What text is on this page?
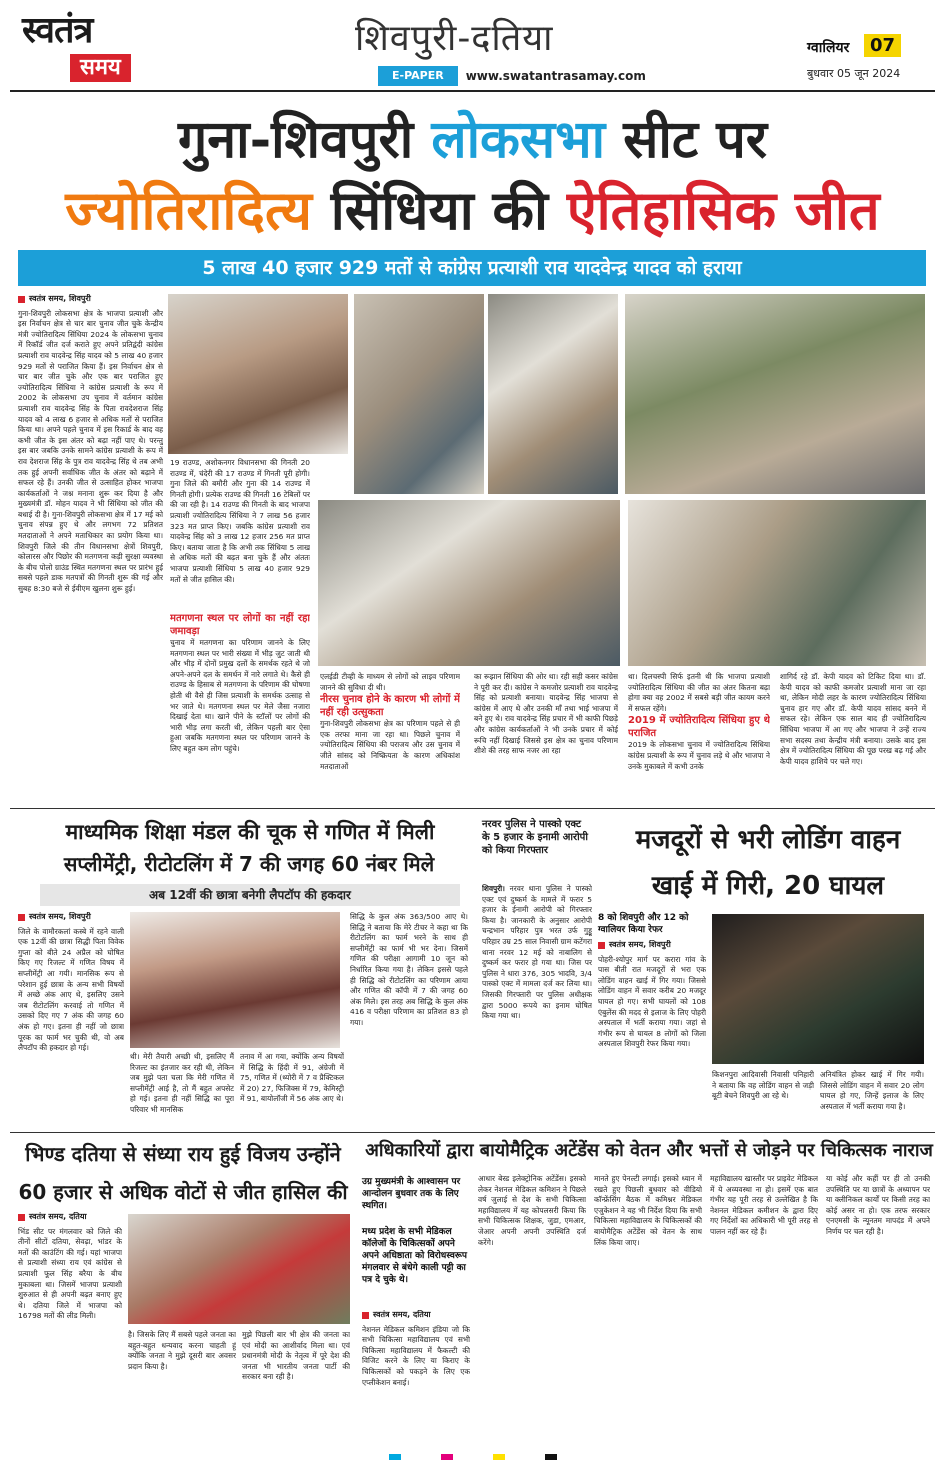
स्वतंत्र
समय
शिवपुरी-दतिया
E-PAPER	www.swatantrasamay.com
ग्वालियर	07
बुधवार 05 जून 2024
गुना-शिवपुरी लोकसभा सीट पर
ज्योतिरादित्य सिंधिया की ऐतिहासिक जीत
5 लाख 40 हजार 929 मतों से कांग्रेस प्रत्याशी राव यादवेन्द्र यादव को हराया
स्वतंत्र समय, शिवपुरी
गुना-शिवपुरी लोकसभा क्षेत्र के भाजपा प्रत्याशी और इस निर्वाचन क्षेत्र से चार बार चुनाव जीत चुके केन्द्रीय मंत्री ज्योतिरादित्य सिंधिया 2024 के लोकसभा चुनाव में रिकॉर्ड जीत दर्ज कराते हुए अपने प्रतिद्वंदी कांग्रेस प्रत्याशी राव यादवेन्द्र सिंह यादव को 5 लाख 40 हजार 929 मतों से पराजित किया हैं। इस निर्वाचन क्षेत्र से चार बार जीत चुके और एक बार पराजित हुए ज्योतिरादित्य सिंधिया ने कांग्रेस प्रत्याशी के रूप में 2002 के लोकसभा उप चुनाव में वर्तमान कांग्रेस प्रत्याशी राव यादवेन्द्र सिंह के पिता रावदेशराज सिंह यादव को 4 लाख 6 हजार से अधिक मतों से पराजित किया था। अपने पहले चुनाव में इस रिकार्ड के बाद वह कभी जीत के इस अंतर को बढ़ा नहीं पाए थे। परन्तु इस बार जबकि उनके सामने कांग्रेस प्रत्याशी के रूप में राव देशराज सिंह के पुत्र राव यादवेन्द्र सिंह थे तब अभी तक हुई अपनी सर्वाधिक जीत के अंतर को बढ़ाने में सफल रहे हैं। उनकी जीत से उत्साहित होकर भाजपा कार्यकर्ताओं ने जश्न मनाना शुरू कर दिया है और मुख्यमंत्री डॉ. मोहन यादव ने भी सिंधिया को जीत की बधाई दी है। गुना-शिवपुरी लोकसभा क्षेत्र में 17 मई को चुनाव संपन्न हुए थे और लगभग 72 प्रतिशत मतदाताओं ने अपने मताधिकार का प्रयोग किया था। शिवपुरी जिले की तीन विधानसभा क्षेत्रों शिवपुरी, कोलारस और पिछोर की मतगणना कड़ी सुरक्षा व्यवस्था के बीच पोलो ग्राउंड स्थित मतगणना स्थल पर प्रारंभ हुई सबसे पहले डाक मतपत्रों की गिनती शुरू की गई और सुबह 8:30 बजे से ईवीएम खुलना शुरू हुई।
19 राउण्ड, अशोकनगर विधानसभा की गिनती 20 राउण्ड में, चंदेरी की 17 राउण्ड में गिनती पूरी होगी। गुना जिले की बमौरी और गुना की 14 राउण्ड में गिनती होगी। प्रत्येक राउण्ड की गिनती 16 टेबिलों पर की जा रही है। 14 राउण्ड की गिनती के बाद भाजपा प्रत्याशी ज्योतिरादित्य सिंधिया ने 7 लाख 56 हजार 323 मत प्राप्त किए। जबकि कांग्रेस प्रत्याशी राव यादवेन्द्र सिंह को 3 लाख 12 हजार 256 मत प्राप्त किए। बताया जाता है कि अभी तक सिंधिया 5 लाख से अधिक मतों की बढ़त बना चुके हैं और अंततः भाजपा प्रत्याशी सिंधिया 5 लाख 40 हजार 929 मतों से जीत हासिल की।
मतगणना स्थल पर लोगों का नहीं रहा जमावड़ा
चुनाव में मतगणना का परिणाम जानने के लिए मतगणना स्थल पर भारी संख्या में भीड़ जुट जाती थी और भीड़ में दोनों प्रमुख दलों के समर्थक रहते थे जो अपने-अपने दल के समर्थन में नारे लगाते थे। कैसे ही राउण्ड के हिसाब से मतगणना के परिणाम की घोषणा होती थी वैसे ही जिस प्रत्याशी के समर्थक उत्साह से भर जाते थे। मतगणना स्थल पर मेले जैसा नजारा दिखाई देता था। खाने पीने के स्टॉलों पर लोगों की भारी भीड़ लगा करती थी, लेकिन पहली बार ऐसा हुआ जबकि मतगणना स्थल पर परिणाम जानने के लिए बहुत कम लोग पहुंचे।
एलईडी टीव्ही के माध्यम से लोगों को लाइव परिणाम जानने की सुविधा दी थी।
नीरस चुनाव होने के कारण भी लोगों में नहीं रही उत्सुकता
गुना-शिवपुरी लोकसभा क्षेत्र का परिणाम पहले से ही एक तरफा माना जा रहा था। पिछले चुनाव में ज्योतिरादित्य सिंधिया की पराजय और उस चुनाव में जीते सांसद को निष्क्रियता के कारण अधिकांश मतदाताओं
का रूझान सिंधिया की ओर था। रही सही कसर कांग्रेस ने पूरी कर दी। कांग्रेस ने कमजोर प्रत्याशी राव यादवेन्द्र सिंह को प्रत्याशी बनाया। यादवेन्द्र सिंह भाजपा से कांग्रेस में आए थे और उनकी माँ तथा भाई भाजपा में बने हुए थे। राव यादवेन्द्र सिंह प्रचार में भी काफी पिछड़े और कांग्रेस कार्यकर्ताओं ने भी उनके प्रचार में कोई रूचि नहीं दिखाई जिससे इस क्षेत्र का चुनाव परिणाम शीशे की तरह साफ नजर आ रहा
था। दिलचस्पी सिर्फ इतनी थी कि भाजपा प्रत्याशी ज्योतिरादित्य सिंधिया की जीत का अंतर कितना बढ़ा होगा क्या वह 2002 में सबसे बड़ी जीत कायम करने में सफल रहेंगे।
2019 में ज्योतिरादित्य सिंधिया हुए थे पराजित
2019 के लोकसभा चुनाव में ज्योतिरादित्य सिंधिया कांग्रेस प्रत्याशी के रूप में चुनाव लड़े थे और भाजपा ने उनके मुकाबले में कभी उनके
शागिर्द रहे डॉ. केपी यादव को टिकिट दिया था। डॉ. केपी यादव को काफी कमजोर प्रत्याशी माना जा रहा था, लेकिन मोदी लहर के कारण ज्योतिरादित्य सिंधिया चुनाव हार गए और डॉ. केपी यादव सांसद बनने में सफल रहे। लेकिन एक साल बाद ही ज्योतिरादित्य सिंधिया भाजपा में आ गए और भाजपा ने उन्हें राज्य सभा सदस्य तथा केन्द्रीय मंत्री बनाया। उसके बाद इस क्षेत्र में ज्योतिरादित्य सिंधिया की पूछ परख बढ़ गई और केपी यादव हाशिये पर चले गए।
माध्यमिक शिक्षा मंडल की चूक से गणित में मिली
सप्लीमेंट्री, रीटोटलिंग में 7 की जगह 60 नंबर मिले
अब 12वीं की छात्रा बनेगी लैपटॉप की हकदार
स्वतंत्र समय, शिवपुरी
जिले के वामौरकलां कस्बे में रहने वाली एक 12वीं की छात्रा सिद्धी पिता विवेक गुप्ता को बीते 24 अप्रैल को घोषित किए गए रिजल्ट में गणित विषय में सप्लीमेंट्री आ गयी। मानसिक रूप से परेशान हुई छात्रा के अन्य सभी विषयों में अच्छे अंक आए थे, इसलिए उसने जब रीटोटलिंग करवाई तो गणित में उसको दिए गए 7 अंक की जगह 60 अंक हो गए। इतना ही नहीं जो छात्रा पूरक का फार्म भर चुकी थी, वो अब लैपटॉप की हकदार हो गई।
थी। मेरी तैयारी अच्छी थी, इसलिए मैं रिजल्ट का इंतजार कर रही थी, लेकिन जब मुझे पता चला कि मेरी गणित में सप्लीमेंट्री आई है, तो मैं बहुत अपसेट हो गई। इतना ही नहीं सिद्धि का पूरा परिवार भी मानसिक
तनाव में आ गया, क्योंकि अन्य विषयों में सिद्धि के हिंदी में 91, अंग्रेजी में 75, गणित में (थ्योरी में 7 व प्रैक्टिकल में 20) 27, फिजिक्स में 79, केमिस्ट्री में 91, बायोलॉजी में 56 अंक आए थे।
सिद्धि के कुल अंक 363/500 आए थे। सिद्धि ने बताया कि मेरे टीचर ने कहा था कि रीटोटलिंग का फार्म भरने के साथ ही सप्लीमेंट्री का फार्म भी भर देना। जिसमें गणित की परीक्षा आगामी 10 जून को निर्धारित किया गया है। लेकिन इससे पहले ही सिद्धि को रीटोटलिंग का परिणाम आया और गणित की कॉपी में 7 की जगह 60 अंक मिले। इस तरह अब सिद्धि के कुल अंक 416 व परीक्षा परिणाम का प्रतिशत 83 हो गया।
नरवर पुलिस ने पास्को एक्ट के 5 हजार के इनामी आरोपी को किया गिरफ्तार
शिवपुरी। नरवर थाना पुलिस ने पास्को एक्ट एवं दुष्कर्म के मामले में फरार 5 हजार के ईनामी आरोपी को गिरफ्तार किया है। जानकारी के अनुसार आरोपी चन्द्रभान परिहार पुत्र भरत उर्फ गुड्डू परिहार उम्र 25 साल निवासी ग्राम कटेंगरा थाना नरवर 12 मई को नाबालिग से दुष्कर्म कर फरार हो गया था। जिस पर पुलिस ने धारा 376, 305 भादवि, 3/4 पास्को एक्ट में मामला दर्ज कर लिया था। जिसकी गिरफ्तारी पर पुलिस अधीक्षक द्वारा 5000 रूपये का इनाम घोषित किया गया था।
मजदूरों से भरी लोडिंग वाहन
खाई में गिरी, 20 घायल
8 को शिवपुरी और 12 को ग्वालियर किया रेफर
स्वतंत्र समय, शिवपुरी
पोहरी-श्योपुर मार्ग पर करारा गांव के पास बीती रात मजदूरों से भरा एक लोडिंग वाहन खाई में गिर गया। जिससे लोडिंग वाहन में सवार करीब 20 मजदूर घायल हो गए। सभी घायलों को 108 एंबुलेंस की मदद से इलाज के लिए पोहरी अस्पताल में भर्ती कराया गया। जहां से गंभीर रूप से घायल 8 लोगों को जिला अस्पताल शिवपुरी रेफर किया गया।
किशनपुरा आदिवासी निवासी पनिहारी ने बताया कि वह लोडिंग वाहन से जड़ी बूटी बेचने शिवपुरी आ रहे थे।
अनियंत्रित होकर खाई में गिर गयी। जिससे लोडिंग वाहन में सवार 20 लोग घायल हो गए, जिन्हें इलाज के लिए अस्पताल में भर्ती कराया गया है।
भिण्ड दतिया से संध्या राय हुई विजय उन्होंने
60 हजार से अधिक वोटों से जीत हासिल की
स्वतंत्र समय, दतिया
भिंड सीट पर मंगलवार को जिले की तीनों सीटों दतिया, सेवढ़ा, भांडर के मतों की काउंटिंग की गई। यहां भाजपा से प्रत्याशी संध्या राय एवं कांग्रेस से प्रत्याशी फूल सिंह बरैया के बीच मुकाबला था। जिसमें भाजपा प्रत्याशी शुरुआत से ही अपनी बढ़त बनाए हुए थे। दतिया जिले में भाजपा को 16798 मतों की लीड मिली।
है। जिसके लिए मैं सबसे पहले जनता का बहुत-बहुत धन्यवाद करना चाहती हूं क्योंकि जनता ने मुझे दूसरी बार अवसर प्रदान किया है।
मुझे पिछली बार भी क्षेत्र की जनता का एवं मोदी का आशीर्वाद मिला था। एवं प्रधानमंत्री मोदी के नेतृत्व में पूरे देश की जनता भी भारतीय जनता पार्टी की सरकार बना रही है।
अधिकारियों द्वारा बायोमैट्रिक अटेंडेंस को वेतन और भत्तों से जोड़ने पर चिकित्सक नाराज
उग्र मुख्यमंत्री के आश्वासन पर आन्दोलन बुधवार तक के लिए स्थगित।
मध्य प्रदेश के सभी मेडिकल कॉलेजों के चिकित्सकों अपने अपने अधिष्ठाता को विरोधस्वरूप मंगलवार से बंधेगे काली पट्टी का पत्र दे चुके थे।
स्वतंत्र समय, दतिया
नेशनल मेडिकल कमिशन इंडिया जो कि सभी चिकित्सा महाविद्यालय एवं सभी चिकित्सा महाविद्यालय में फैकल्टी की विजिट करने के लिए या किराए के चिकित्सकों को पकड़ने के लिए एक एप्लीकेशन बनाई।
आधार बेस्ड इलेक्ट्रोनिक अटेंडेंस। इसको लेकर नेशनल मेडिकल कमिशन ने पिछले वर्ष जुलाई से देश के सभी चिकित्सा महाविद्यालय में यह कोपलसरी किया कि सभी चिकित्सक शिक्षक, जुडा, एमआर, जेआर अपनी अपनी उपस्थिति दर्ज करेंगे।
मानते हुए पेनल्टी लगाई। इसको ध्यान में रखते हुए पिछली बुधवार को वीडियो कॉन्फ्रेंसिंग बैठक में कमिश्नर मेडिकल एजुकेशन ने यह भी निर्देश दिया कि सभी चिकित्सा महाविद्यालय के चिकित्सकों की बायोमैट्रिक अटेंडेंस को वेतन के साथ लिंक किया जाए।
महाविद्यालय खास्तौर पर प्राइवेट मेडिकल में ये अव्यवस्था ना हो। इसमें एक बात गंभीर यह पूरी तरह से उल्लेखित है कि नेशनल मेडिकल कमीशन के द्वारा दिए गए निर्देशों का अधिकारी भी पूरी तरह से पालन नहीं कर रहे हैं।
या कोई और कहीं पर ही तो उनकी उपस्थिति पर या छात्रों के अध्यापन पर या क्लीनिकल कार्यों पर किसी तरह का कोई असर ना हो। एक तरफ सरकार एनएमसी के न्यूनतम मापदंड में अपने निर्णय पर चल रही है।
